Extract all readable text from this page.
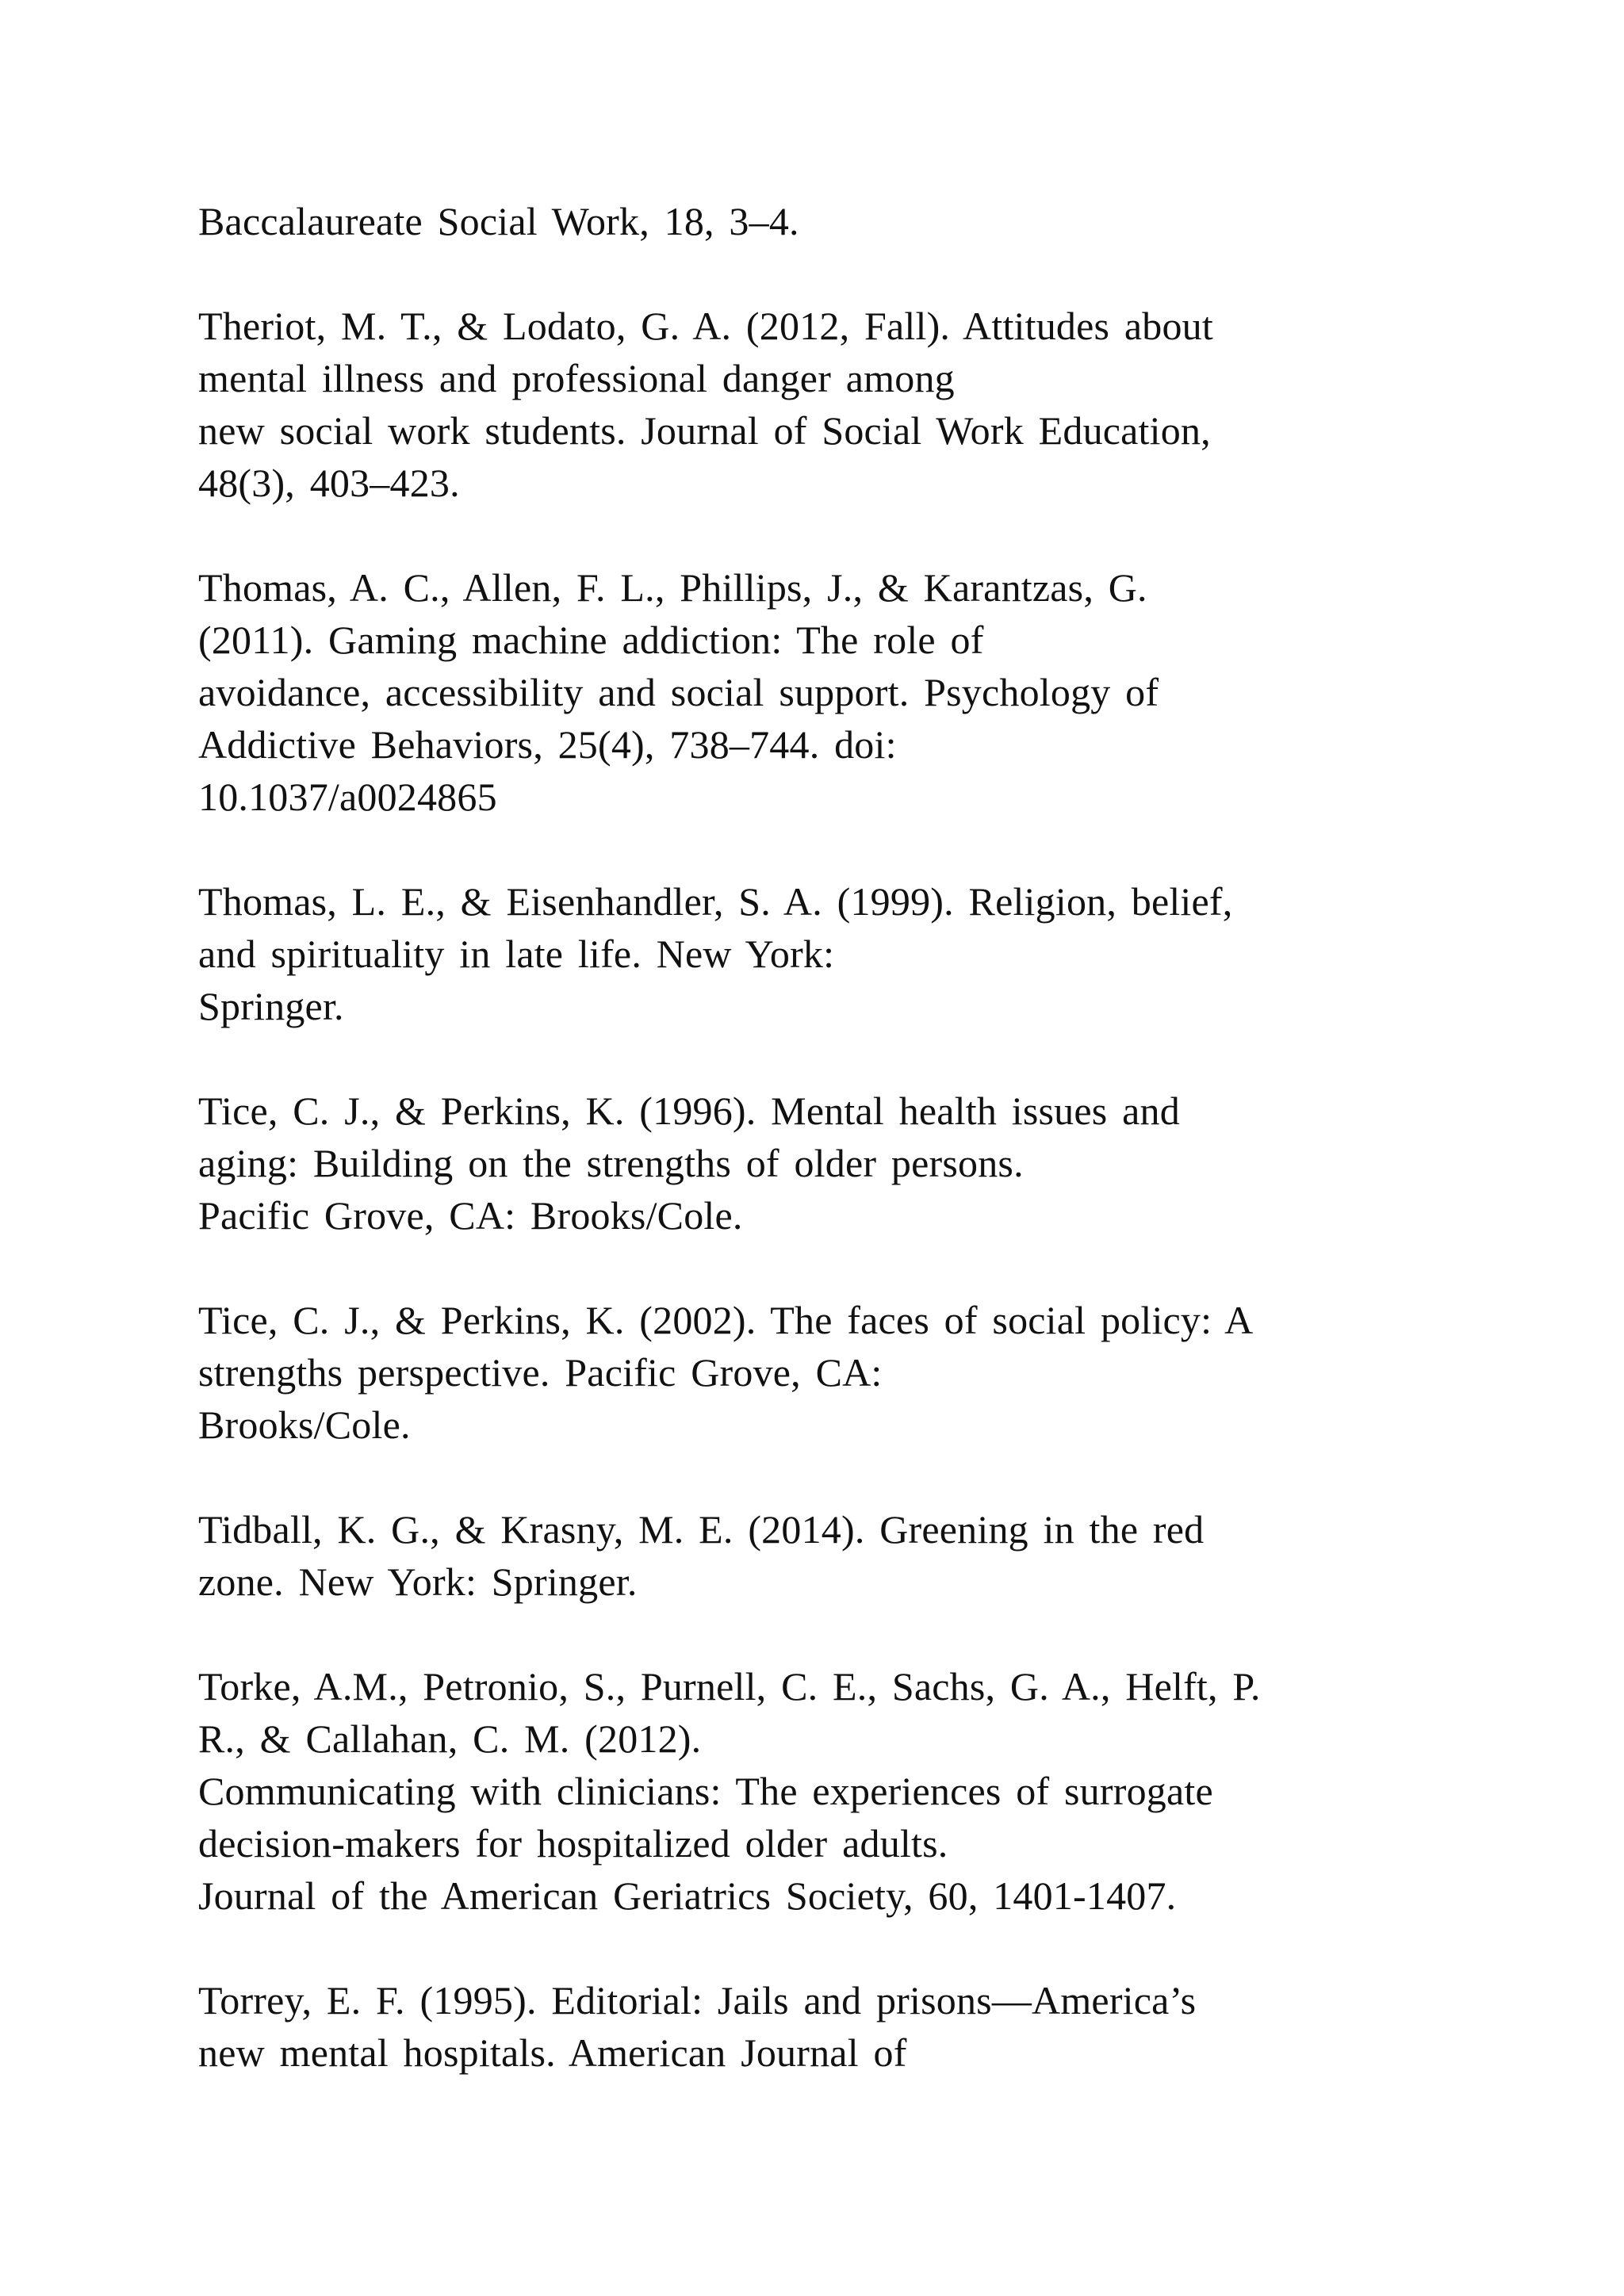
Baccalaureate Social Work, 18, 3–4.
Theriot, M. T., & Lodato, G. A. (2012, Fall). Attitudes about
mental illness and professional danger among
new social work students. Journal of Social Work Education,
48(3), 403–423.
Thomas, A. C., Allen, F. L., Phillips, J., & Karantzas, G.
(2011). Gaming machine addiction: The role of
avoidance, accessibility and social support. Psychology of
Addictive Behaviors, 25(4), 738–744. doi:
10.1037/a0024865
Thomas, L. E., & Eisenhandler, S. A. (1999). Religion, belief,
and spirituality in late life. New York:
Springer.
Tice, C. J., & Perkins, K. (1996). Mental health issues and
aging: Building on the strengths of older persons.
Pacific Grove, CA: Brooks/Cole.
Tice, C. J., & Perkins, K. (2002). The faces of social policy: A
strengths perspective. Pacific Grove, CA:
Brooks/Cole.
Tidball, K. G., & Krasny, M. E. (2014). Greening in the red
zone. New York: Springer.
Torke, A.M., Petronio, S., Purnell, C. E., Sachs, G. A., Helft, P.
R., & Callahan, C. M. (2012).
Communicating with clinicians: The experiences of surrogate
decision-makers for hospitalized older adults.
Journal of the American Geriatrics Society, 60, 1401-1407.
Torrey, E. F. (1995). Editorial: Jails and prisons—America’s
new mental hospitals. American Journal of
